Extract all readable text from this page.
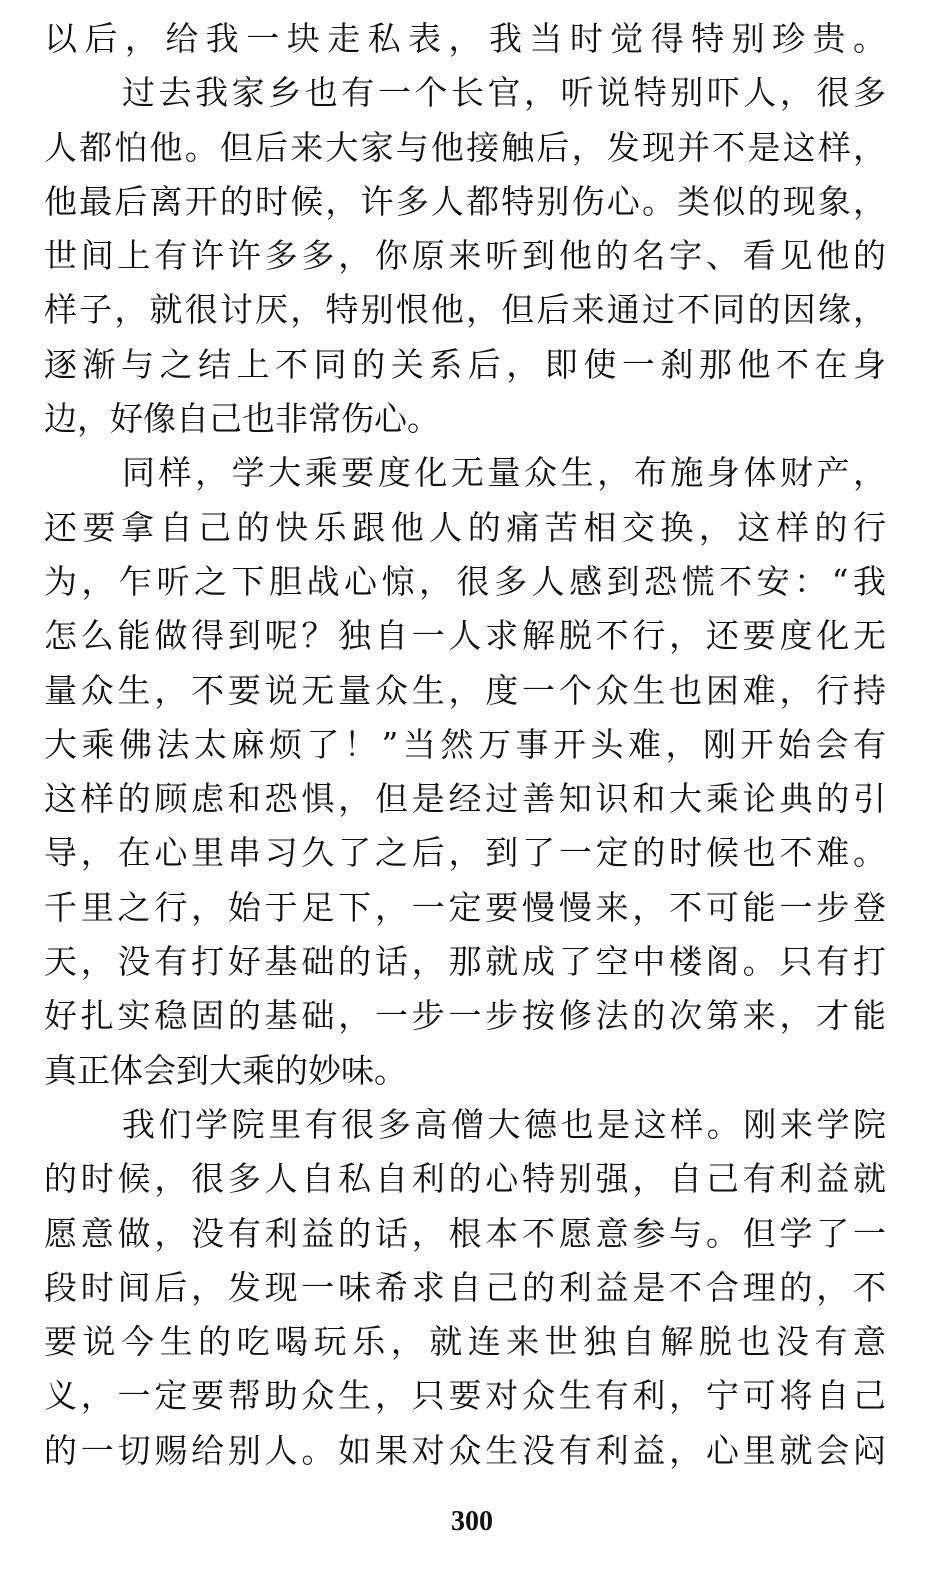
以后，给我一块走私表，我当时觉得特别珍贵。
过去我家乡也有一个长官，听说特别吓人，很多
人都怕他。但后来大家与他接触后，发现并不是这样，
他最后离开的时候，许多人都特别伤心。类似的现象，
世间上有许许多多，你原来听到他的名字、看见他的
样子，就很讨厌，特别恨他，但后来通过不同的因缘，
逐渐与之结上不同的关系后，即使一刹那他不在身
边，好像自己也非常伤心。
同样，学大乘要度化无量众生，布施身体财产，
还要拿自己的快乐跟他人的痛苦相交换，这样的行
为，乍听之下胆战心惊，很多人感到恐慌不安：“我
怎么能做得到呢？独自一人求解脱不行，还要度化无
量众生，不要说无量众生，度一个众生也困难，行持
大乘佛法太麻烦了！”当然万事开头难，刚开始会有
这样的顾虑和恐惧，但是经过善知识和大乘论典的引
导，在心里串习久了之后，到了一定的时候也不难。
千里之行，始于足下，一定要慢慢来，不可能一步登
天，没有打好基础的话，那就成了空中楼阁。只有打
好扎实稳固的基础，一步一步按修法的次第来，才能
真正体会到大乘的妙味。
我们学院里有很多高僧大德也是这样。刚来学院
的时候，很多人自私自利的心特别强，自己有利益就
愿意做，没有利益的话，根本不愿意参与。但学了一
段时间后，发现一味希求自己的利益是不合理的，不
要说今生的吃喝玩乐，就连来世独自解脱也没有意
义，一定要帮助众生，只要对众生有利，宁可将自己
的一切赐给别人。如果对众生没有利益，心里就会闷
300
